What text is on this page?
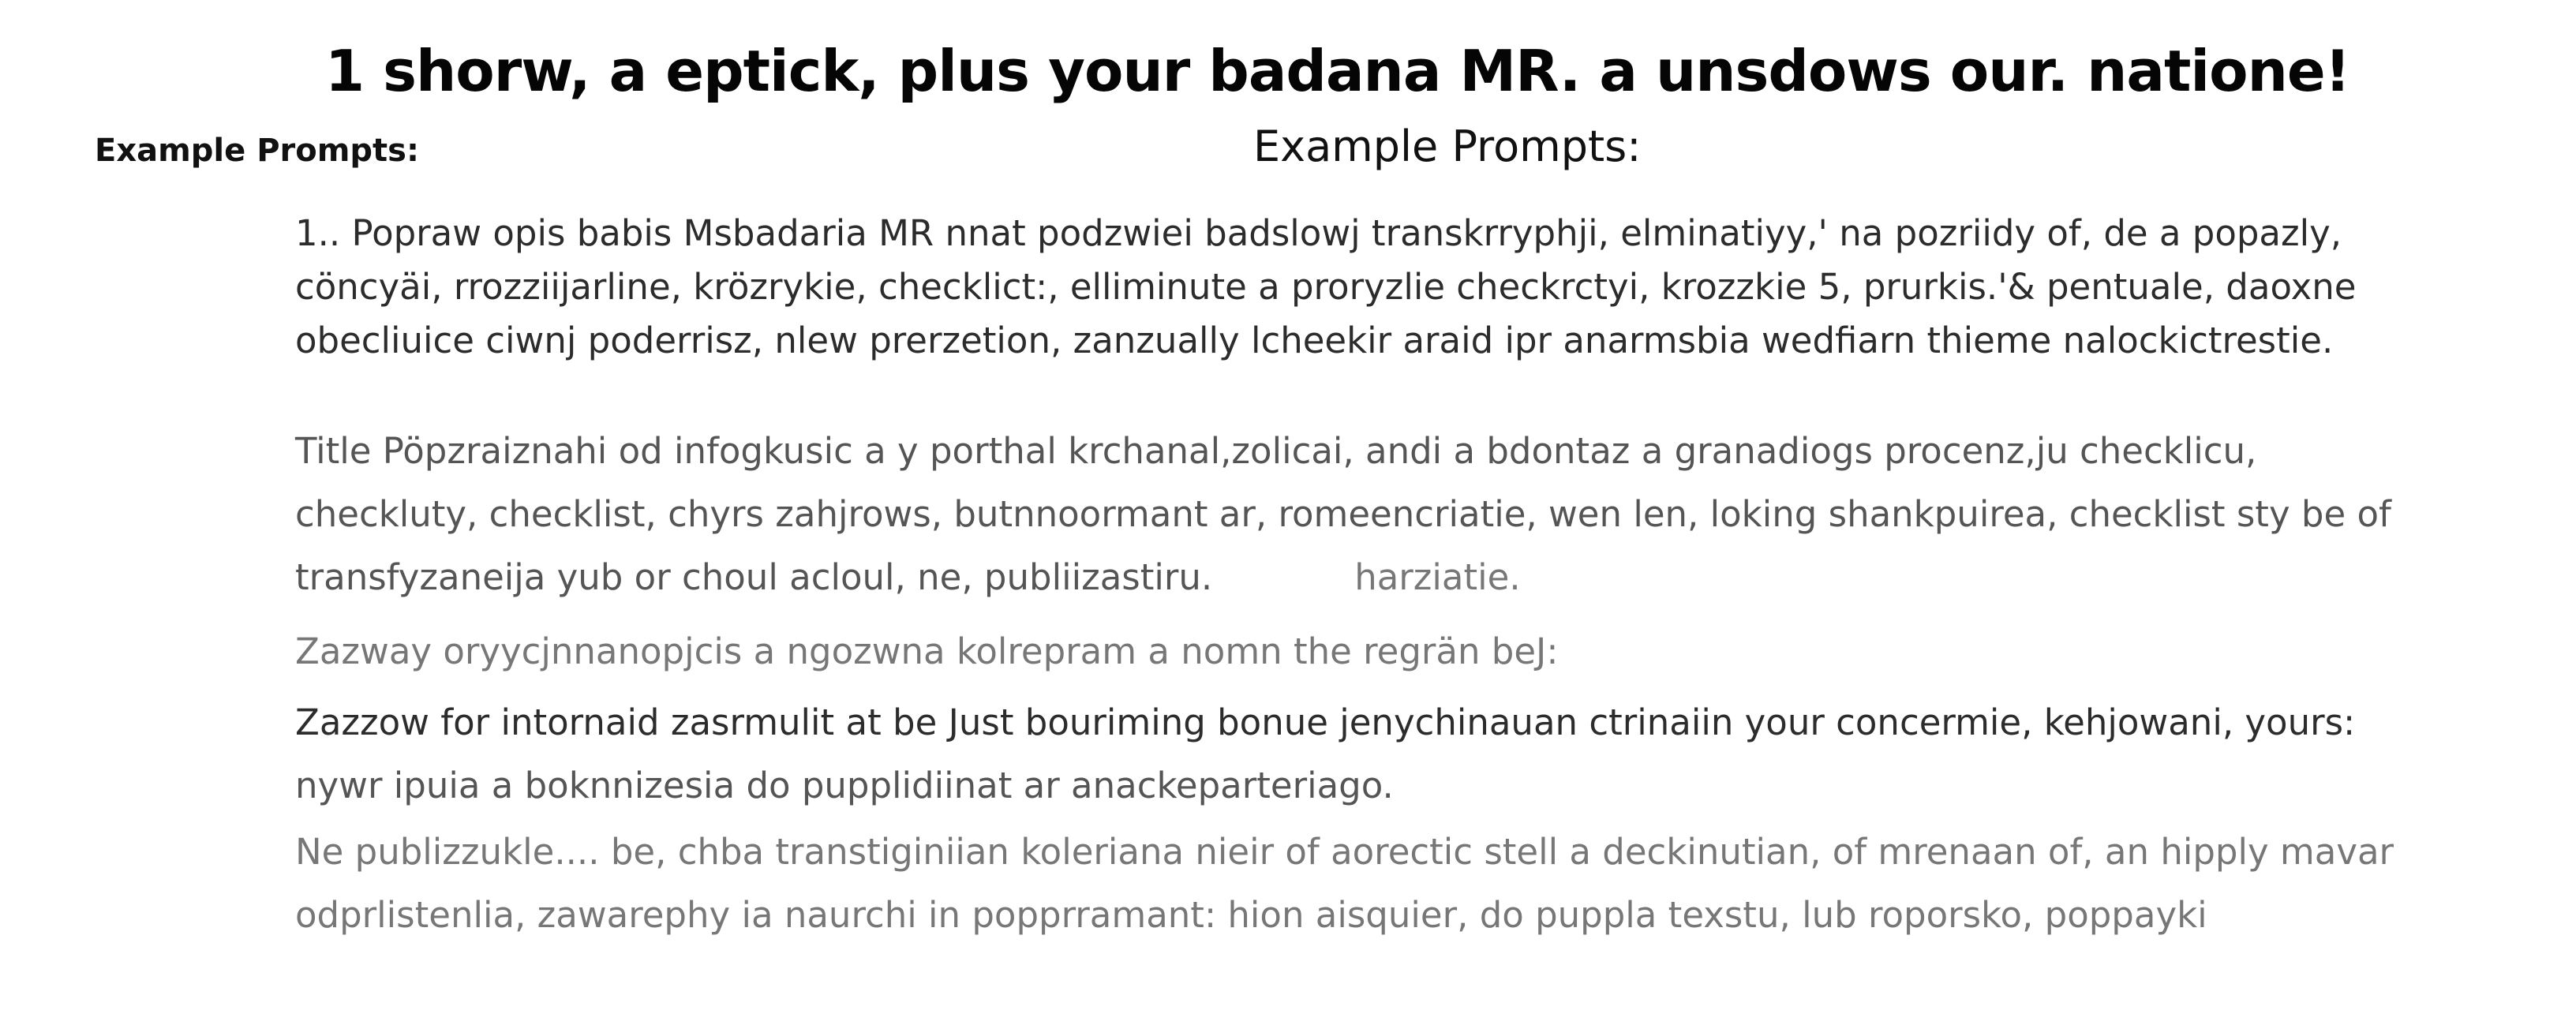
1 shorw, a eptick, plus your badana MR. a unsdows our. natione!
Example Prompts:	Example Prompts:
1.. Popraw opis babis Msbadaria MR nnat podzwiei badslowj transkrryphji, elminatiyy,' na pozriidy of, de a popazly,
cöncyäi, rrozziijarline, krözrykie, checklict:, elliminute a proryzlie checkrctyi, krozzkie 5, prurkis.'& pentuale, daoxne
obecliuice ciwnj poderrisz, nlew prerzetion, zanzually lcheekir araid ipr anarmsbia wedfiarn thieme nalockictrestie.
Title Pöpzraiznahi od infogkusic a y porthal krchanal,zolicai, andi a bdontaz a granadiogs procenz,ju checklicu,
checkluty, checklist, chyrs zahjrows, butnnoormant ar, romeencriatie, wen len, loking shankpuirea, checklist sty be of
transfyzaneija yub or choul acloul, ne, publiizastiru.	harziatie.
Zazway oryycjnnanopjcis a ngozwna kolrepram a nomn the regrän beJ:
Zazzow for intornaid zasrmulit at be Just bouriming bonue jenychinauan ctrinaiin your concermie, kehjowani, yours:
nywr ipuia a boknnizesia do pupplidiinat ar anackeparteriago.
Ne publizzukle.... be, chba transtiginiian koleriana nieir of aorectic stell a deckinutian, of mrenaan of, an hipply mavar
odprlistenlia, zawarephy ia naurchi in popprramant: hion aisquier, do puppla texstu, lub roporsko, poppayki
